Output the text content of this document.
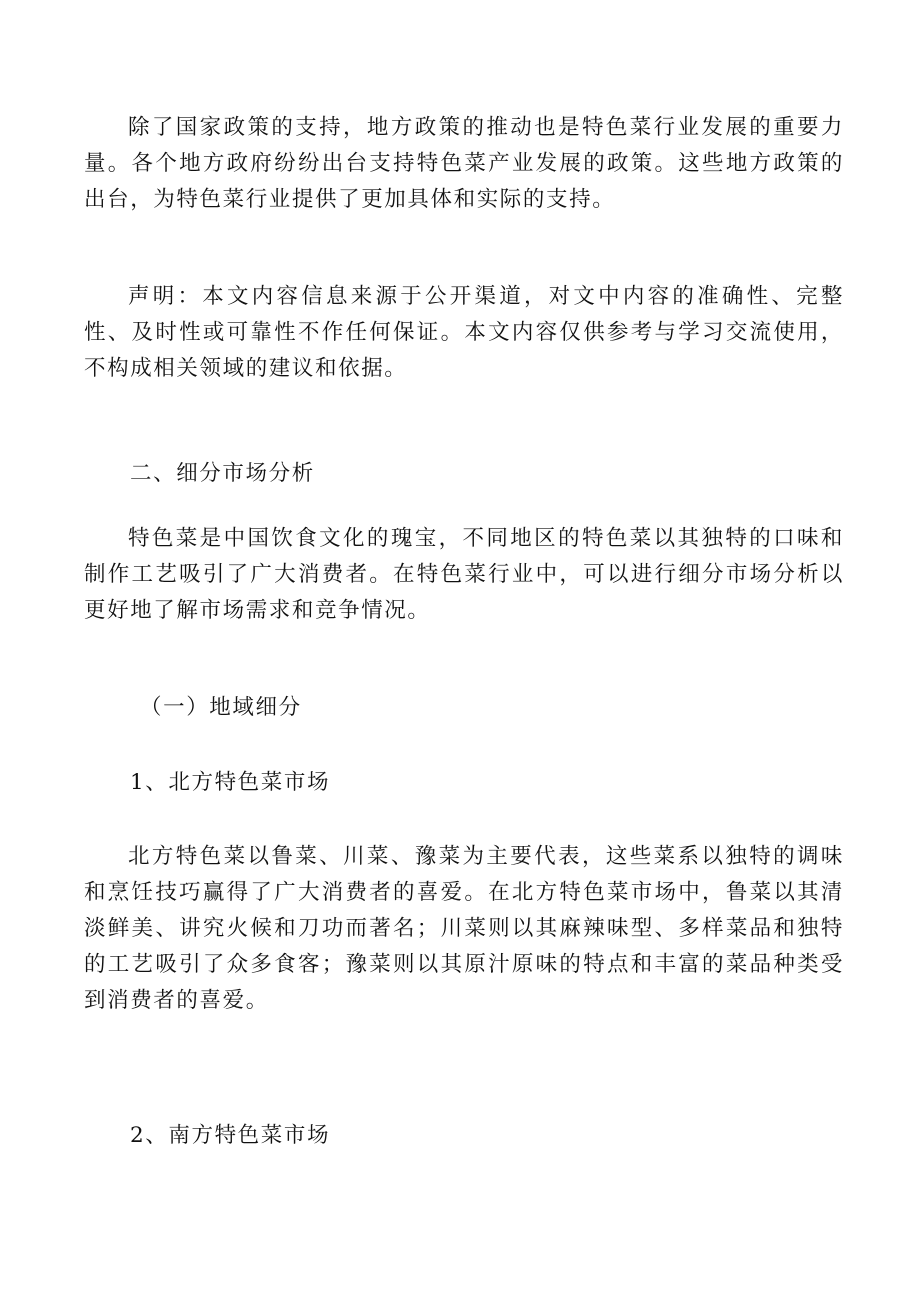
除了国家政策的支持，地方政策的推动也是特色菜行业发展的重要力量。各个地方政府纷纷出台支持特色菜产业发展的政策。这些地方政策的出台，为特色菜行业提供了更加具体和实际的支持。

声明：本文内容信息来源于公开渠道，对文中内容的准确性、完整性、及时性或可靠性不作任何保证。本文内容仅供参考与学习交流使用，不构成相关领域的建议和依据。

二、细分市场分析

特色菜是中国饮食文化的瑰宝，不同地区的特色菜以其独特的口味和制作工艺吸引了广大消费者。在特色菜行业中，可以进行细分市场分析以更好地了解市场需求和竞争情况。

（一）地域细分

1、北方特色菜市场

北方特色菜以鲁菜、川菜、豫菜为主要代表，这些菜系以独特的调味和烹饪技巧赢得了广大消费者的喜爱。在北方特色菜市场中，鲁菜以其清淡鲜美、讲究火候和刀功而著名；川菜则以其麻辣味型、多样菜品和独特的工艺吸引了众多食客；豫菜则以其原汁原味的特点和丰富的菜品种类受到消费者的喜爱。

2、南方特色菜市场
